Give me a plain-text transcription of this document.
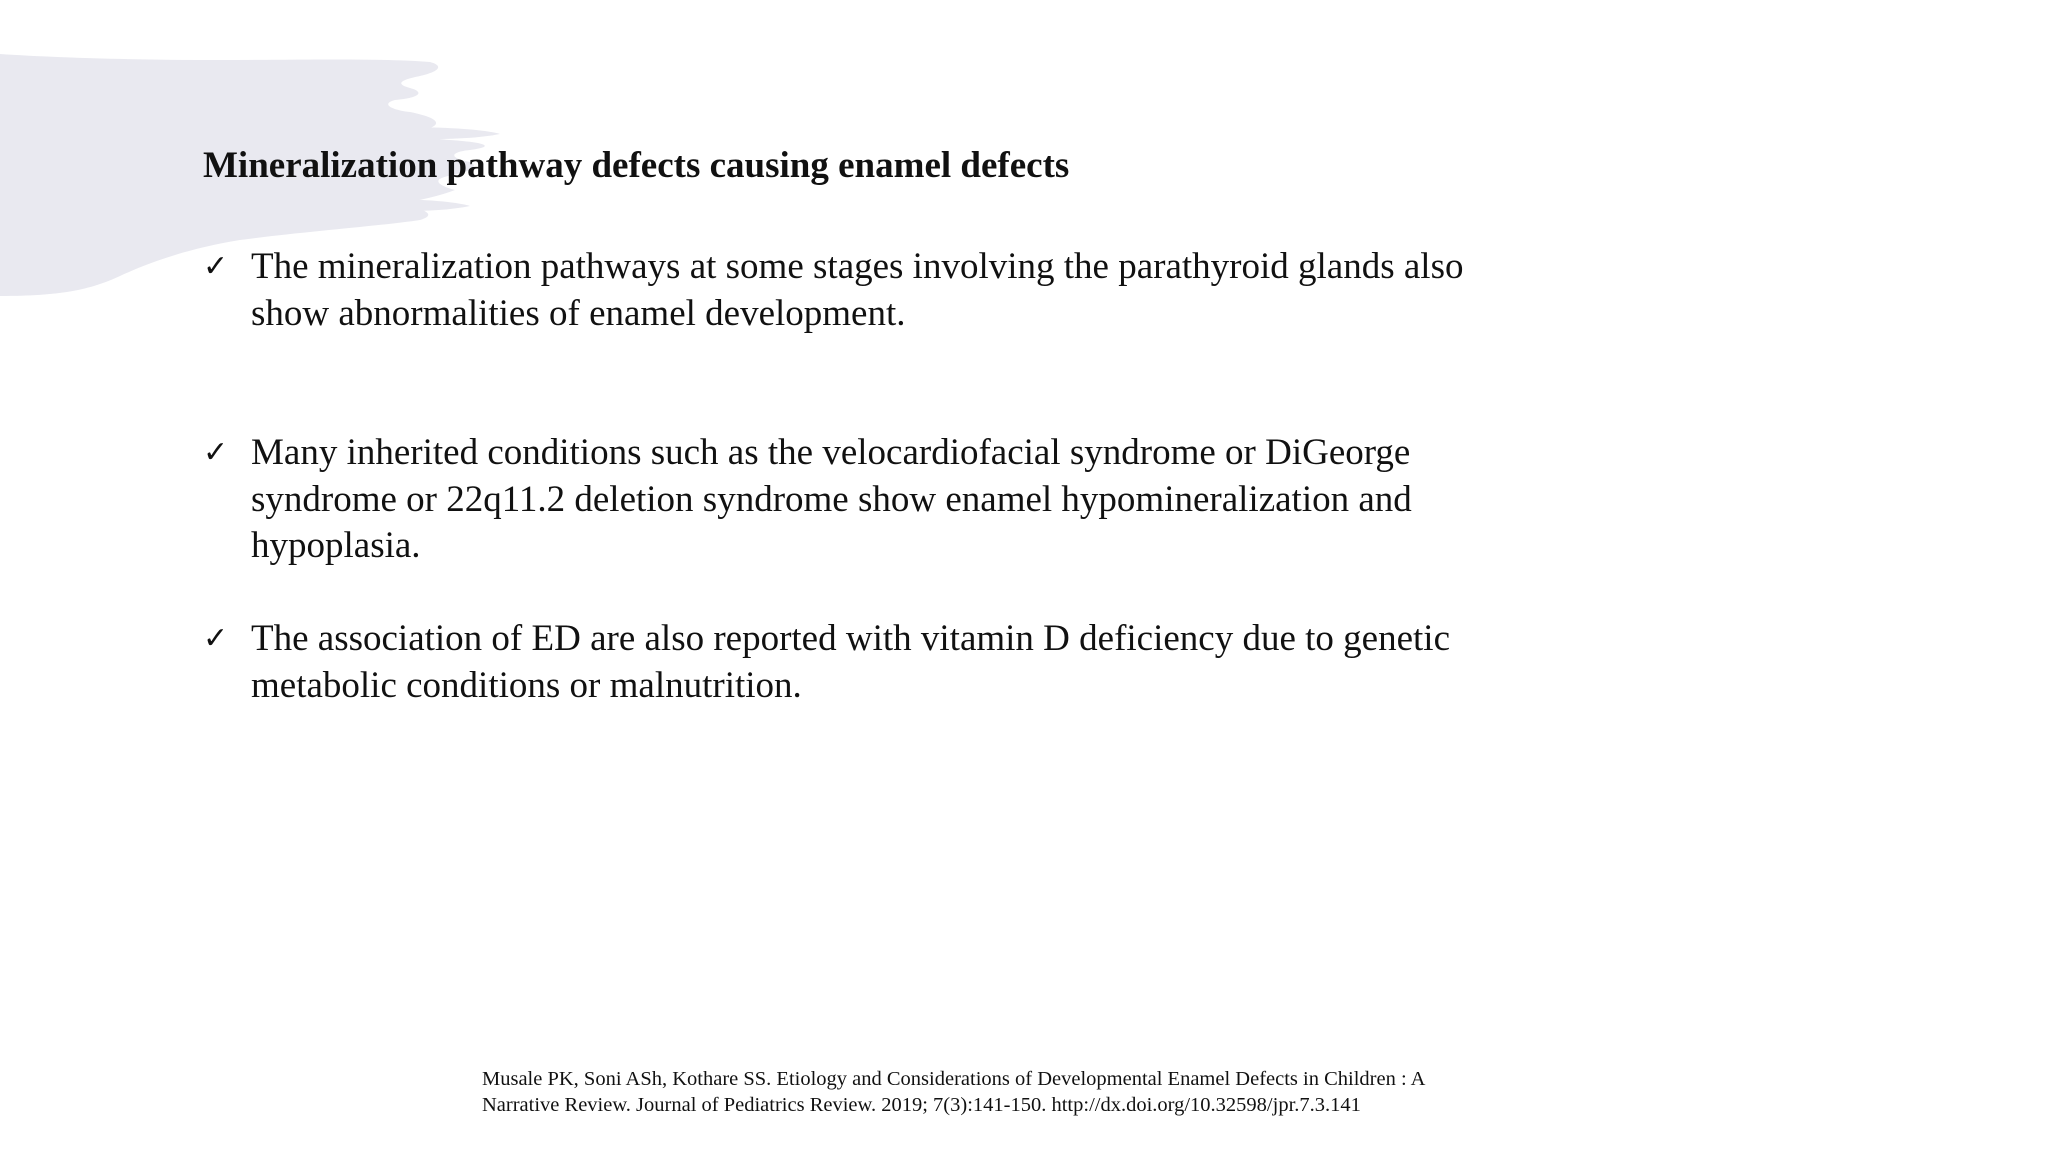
Mineralization pathway defects causing enamel defects
✓ The mineralization pathways at some stages involving the parathyroid glands also
show abnormalities of enamel development.
✓ Many inherited conditions such as the velocardiofacial syndrome or DiGeorge
syndrome or 22q11.2 deletion syndrome show enamel hypomineralization and
hypoplasia.
✓ The association of ED are also reported with vitamin D deficiency due to genetic
metabolic conditions or malnutrition.
Musale PK, Soni ASh, Kothare SS. Etiology and Considerations of Developmental Enamel Defects in Children : A
Narrative Review. Journal of Pediatrics Review. 2019; 7(3):141-150. http://dx.doi.org/10.32598/jpr.7.3.141
